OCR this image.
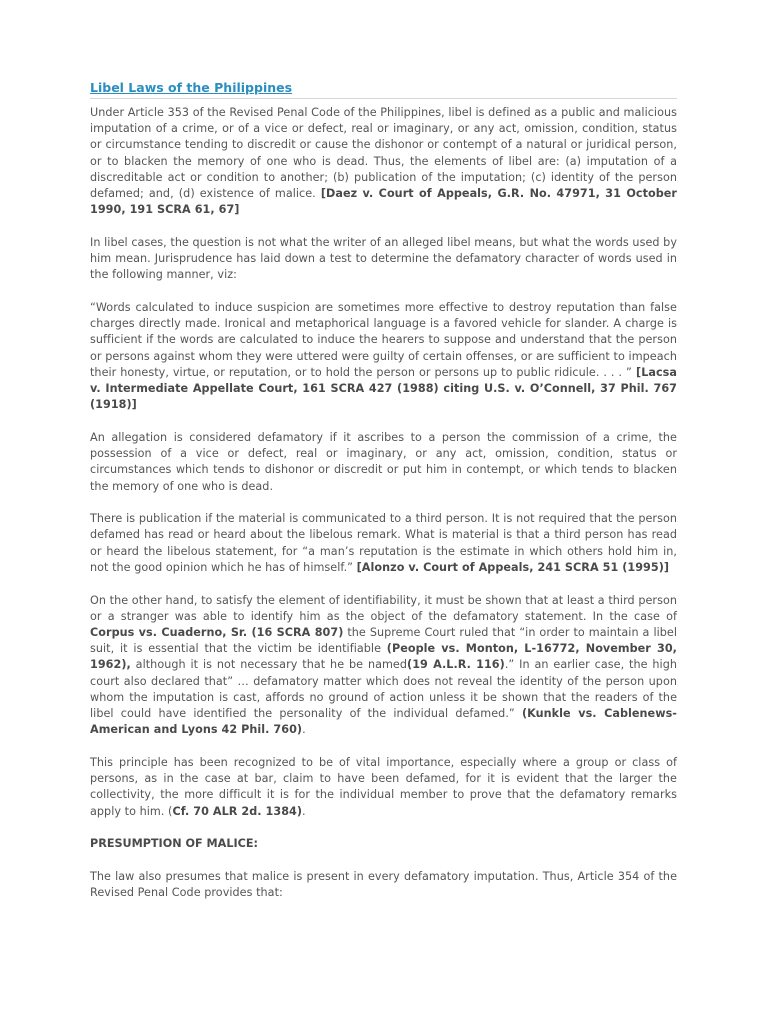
Libel Laws of the Philippines

Under Article 353 of the Revised Penal Code of the Philippines, libel is defined as a public and malicious imputation of a crime, or of a vice or defect, real or imaginary, or any act, omission, condition, status or circumstance tending to discredit or cause the dishonor or contempt of a natural or juridical person, or to blacken the memory of one who is dead. Thus, the elements of libel are: (a) imputation of a discreditable act or condition to another; (b) publication of the imputation; (c) identity of the person defamed; and, (d) existence of malice. [Daez v. Court of Appeals, G.R. No. 47971, 31 October 1990, 191 SCRA 61, 67]

In libel cases, the question is not what the writer of an alleged libel means, but what the words used by him mean. Jurisprudence has laid down a test to determine the defamatory character of words used in the following manner, viz:

“Words calculated to induce suspicion are sometimes more effective to destroy reputation than false charges directly made. Ironical and metaphorical language is a favored vehicle for slander. A charge is sufficient if the words are calculated to induce the hearers to suppose and understand that the person or persons against whom they were uttered were guilty of certain offenses, or are sufficient to impeach their honesty, virtue, or reputation, or to hold the person or persons up to public ridicule. . . . ” [Lacsa v. Intermediate Appellate Court, 161 SCRA 427 (1988) citing U.S. v. O’Connell, 37 Phil. 767 (1918)]

An allegation is considered defamatory if it ascribes to a person the commission of a crime, the possession of a vice or defect, real or imaginary, or any act, omission, condition, status or circumstances which tends to dishonor or discredit or put him in contempt, or which tends to blacken the memory of one who is dead.

There is publication if the material is communicated to a third person. It is not required that the person defamed has read or heard about the libelous remark. What is material is that a third person has read or heard the libelous statement, for “a man’s reputation is the estimate in which others hold him in, not the good opinion which he has of himself.” [Alonzo v. Court of Appeals, 241 SCRA 51 (1995)]

On the other hand, to satisfy the element of identifiability, it must be shown that at least a third person or a stranger was able to identify him as the object of the defamatory statement. In the case of Corpus vs. Cuaderno, Sr. (16 SCRA 807) the Supreme Court ruled that “in order to maintain a libel suit, it is essential that the victim be identifiable (People vs. Monton, L-16772, November 30, 1962), although it is not necessary that he be named(19 A.L.R. 116).” In an earlier case, the high court also declared that” … defamatory matter which does not reveal the identity of the person upon whom the imputation is cast, affords no ground of action unless it be shown that the readers of the libel could have identified the personality of the individual defamed.” (Kunkle vs. Cablenews-American and Lyons 42 Phil. 760).

This principle has been recognized to be of vital importance, especially where a group or class of persons, as in the case at bar, claim to have been defamed, for it is evident that the larger the collectivity, the more difficult it is for the individual member to prove that the defamatory remarks apply to him. (Cf. 70 ALR 2d. 1384).

PRESUMPTION OF MALICE:

The law also presumes that malice is present in every defamatory imputation. Thus, Article 354 of the Revised Penal Code provides that:
